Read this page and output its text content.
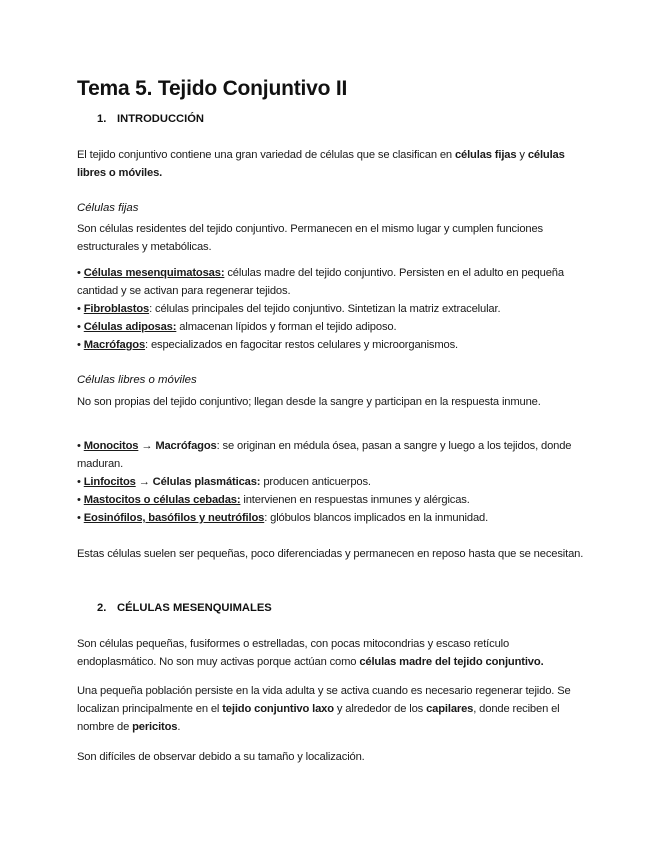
Tema 5. Tejido Conjuntivo II

1. INTRODUCCIÓN

El tejido conjuntivo contiene una gran variedad de células que se clasifican en células fijas y células libres o móviles.

Células fijas

Son células residentes del tejido conjuntivo. Permanecen en el mismo lugar y cumplen funciones estructurales y metabólicas.

• Células mesenquimatosas: células madre del tejido conjuntivo. Persisten en el adulto en pequeña cantidad y se activan para regenerar tejidos.
• Fibroblastos: células principales del tejido conjuntivo. Sintetizan la matriz extracelular.
• Células adiposas: almacenan lípidos y forman el tejido adiposo.
• Macrófagos: especializados en fagocitar restos celulares y microorganismos.

Células libres o móviles

No son propias del tejido conjuntivo; llegan desde la sangre y participan en la respuesta inmune.

• Monocitos → Macrófagos: se originan en médula ósea, pasan a sangre y luego a los tejidos, donde maduran.
• Linfocitos → Células plasmáticas: producen anticuerpos.
• Mastocitos o células cebadas: intervienen en respuestas inmunes y alérgicas.
• Eosinófilos, basófilos y neutrófilos: glóbulos blancos implicados en la inmunidad.

Estas células suelen ser pequeñas, poco diferenciadas y permanecen en reposo hasta que se necesitan.

2. CÉLULAS MESENQUIMALES

Son células pequeñas, fusiformes o estrelladas, con pocas mitocondrias y escaso retículo endoplasmático. No son muy activas porque actúan como células madre del tejido conjuntivo.

Una pequeña población persiste en la vida adulta y se activa cuando es necesario regenerar tejido. Se localizan principalmente en el tejido conjuntivo laxo y alrededor de los capilares, donde reciben el nombre de pericitos.

Son difíciles de observar debido a su tamaño y localización.
